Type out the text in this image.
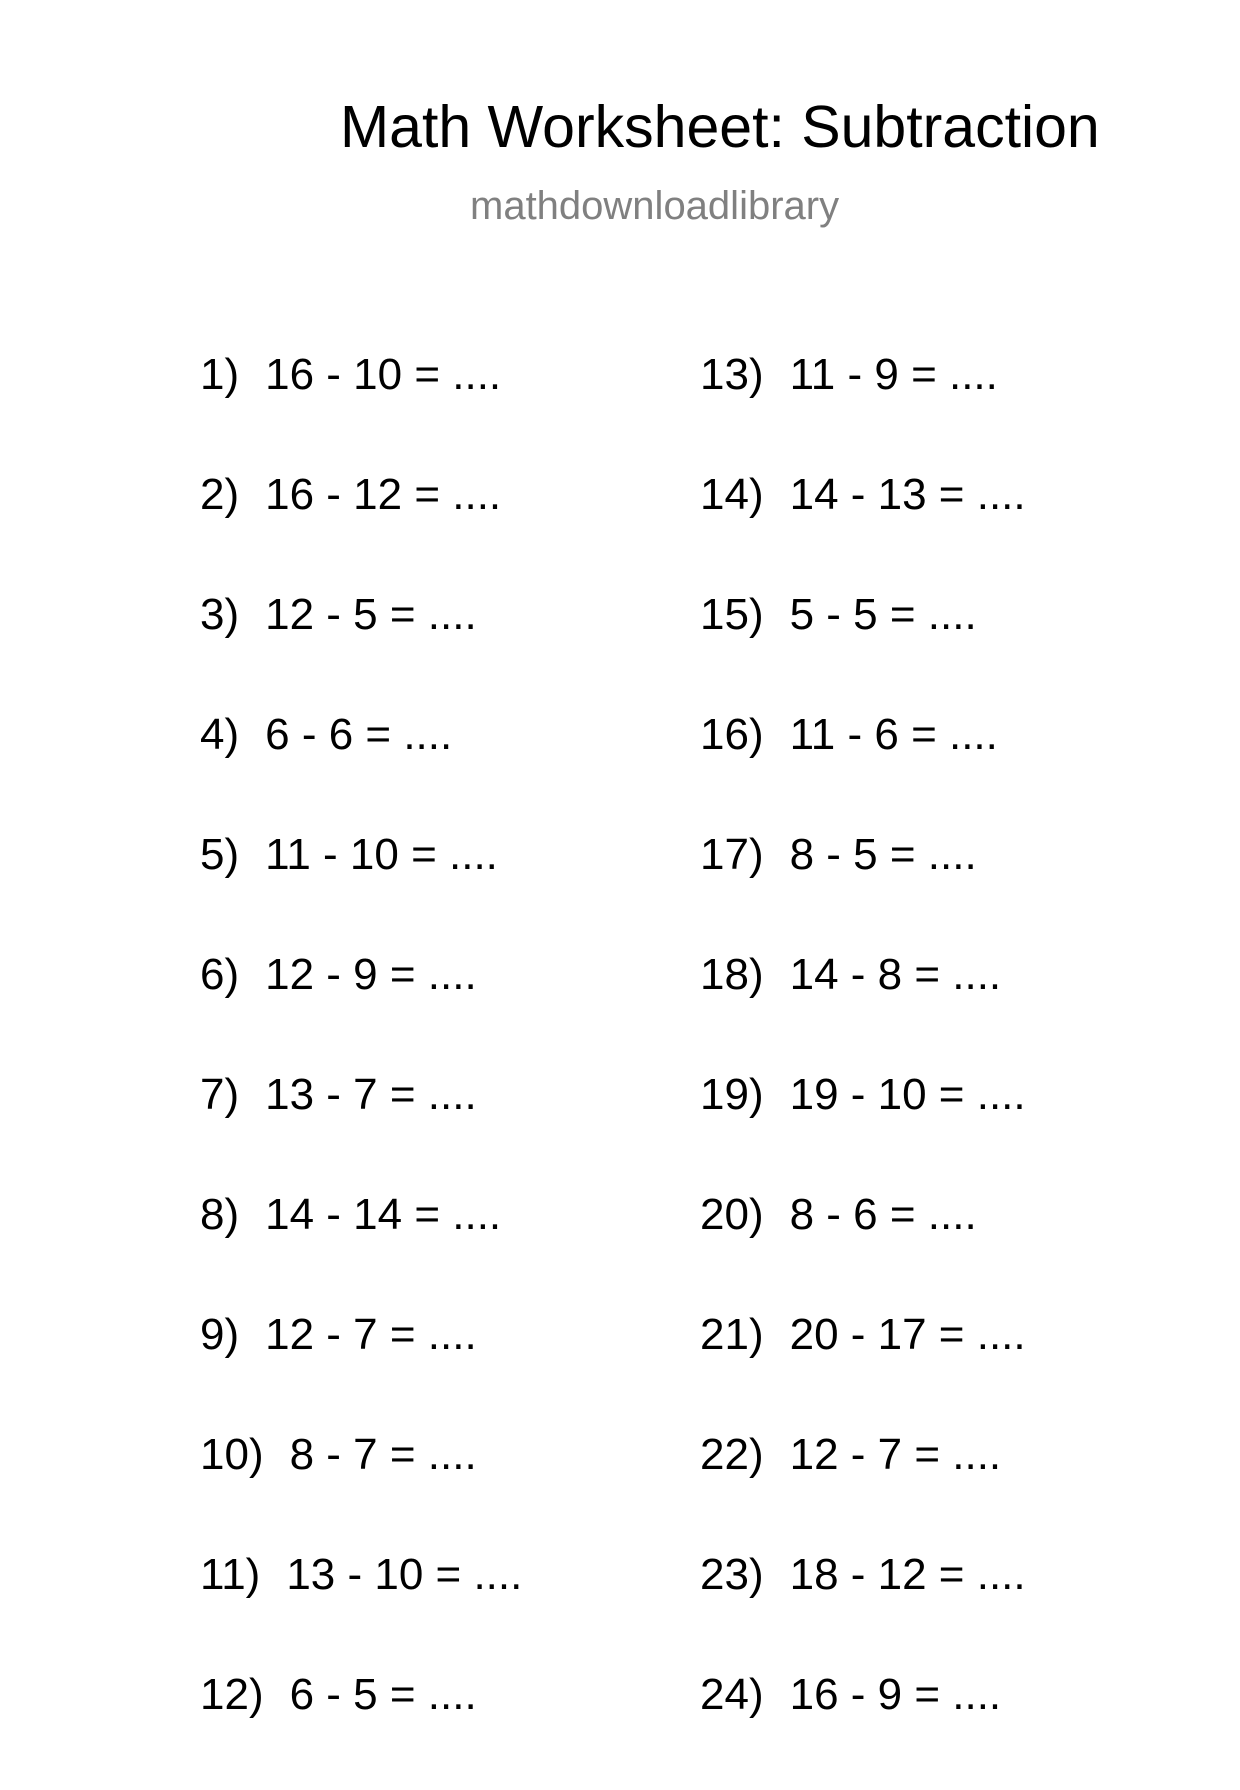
Math Worksheet: Subtraction
mathdownloadlibrary
1) 16 - 10 = ....
2) 16 - 12 = ....
3) 12 - 5 = ....
4) 6 - 6 = ....
5) 11 - 10 = ....
6) 12 - 9 = ....
7) 13 - 7 = ....
8) 14 - 14 = ....
9) 12 - 7 = ....
10) 8 - 7 = ....
11) 13 - 10 = ....
12) 6 - 5 = ....
13) 11 - 9 = ....
14) 14 - 13 = ....
15) 5 - 5 = ....
16) 11 - 6 = ....
17) 8 - 5 = ....
18) 14 - 8 = ....
19) 19 - 10 = ....
20) 8 - 6 = ....
21) 20 - 17 = ....
22) 12 - 7 = ....
23) 18 - 12 = ....
24) 16 - 9 = ....
